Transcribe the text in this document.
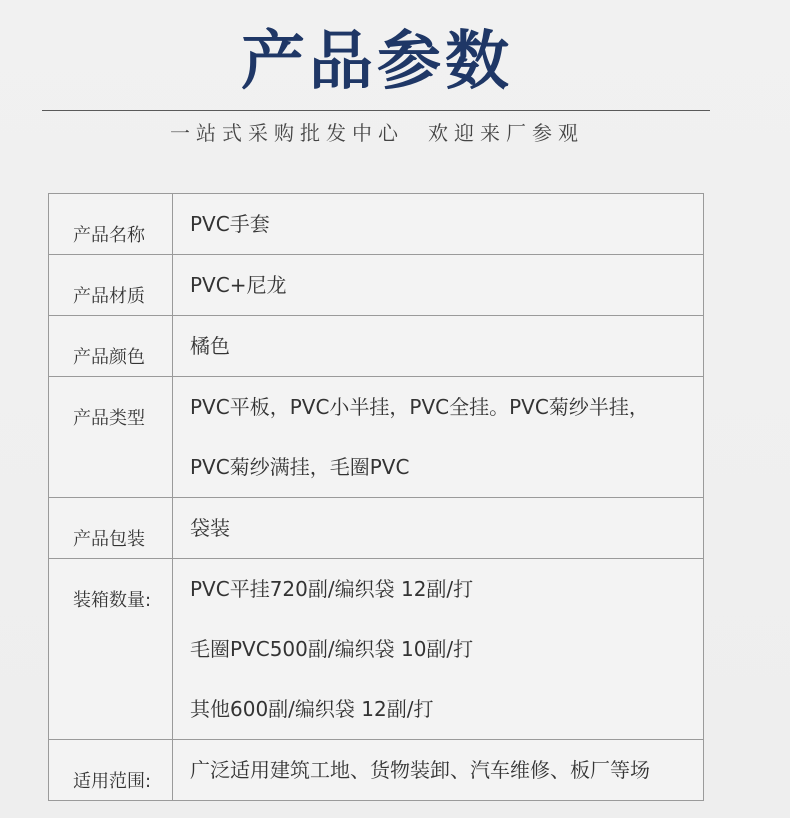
产品参数
一站式采购批发中心 欢迎来厂参观
产品名称	PVC手套

产品材质	PVC+尼龙

产品颜色	橘色

产品类型	PVC平板，PVC小半挂，PVC全挂。PVC菊纱半挂，
PVC菊纱满挂，毛圈PVC

产品包装	袋装

装箱数量:	PVC平挂720副/编织袋 12副/打
毛圈PVC500副/编织袋 10副/打
其他600副/编织袋 12副/打

适用范围:	广泛适用建筑工地、货物装卸、汽车维修、板厂等场
